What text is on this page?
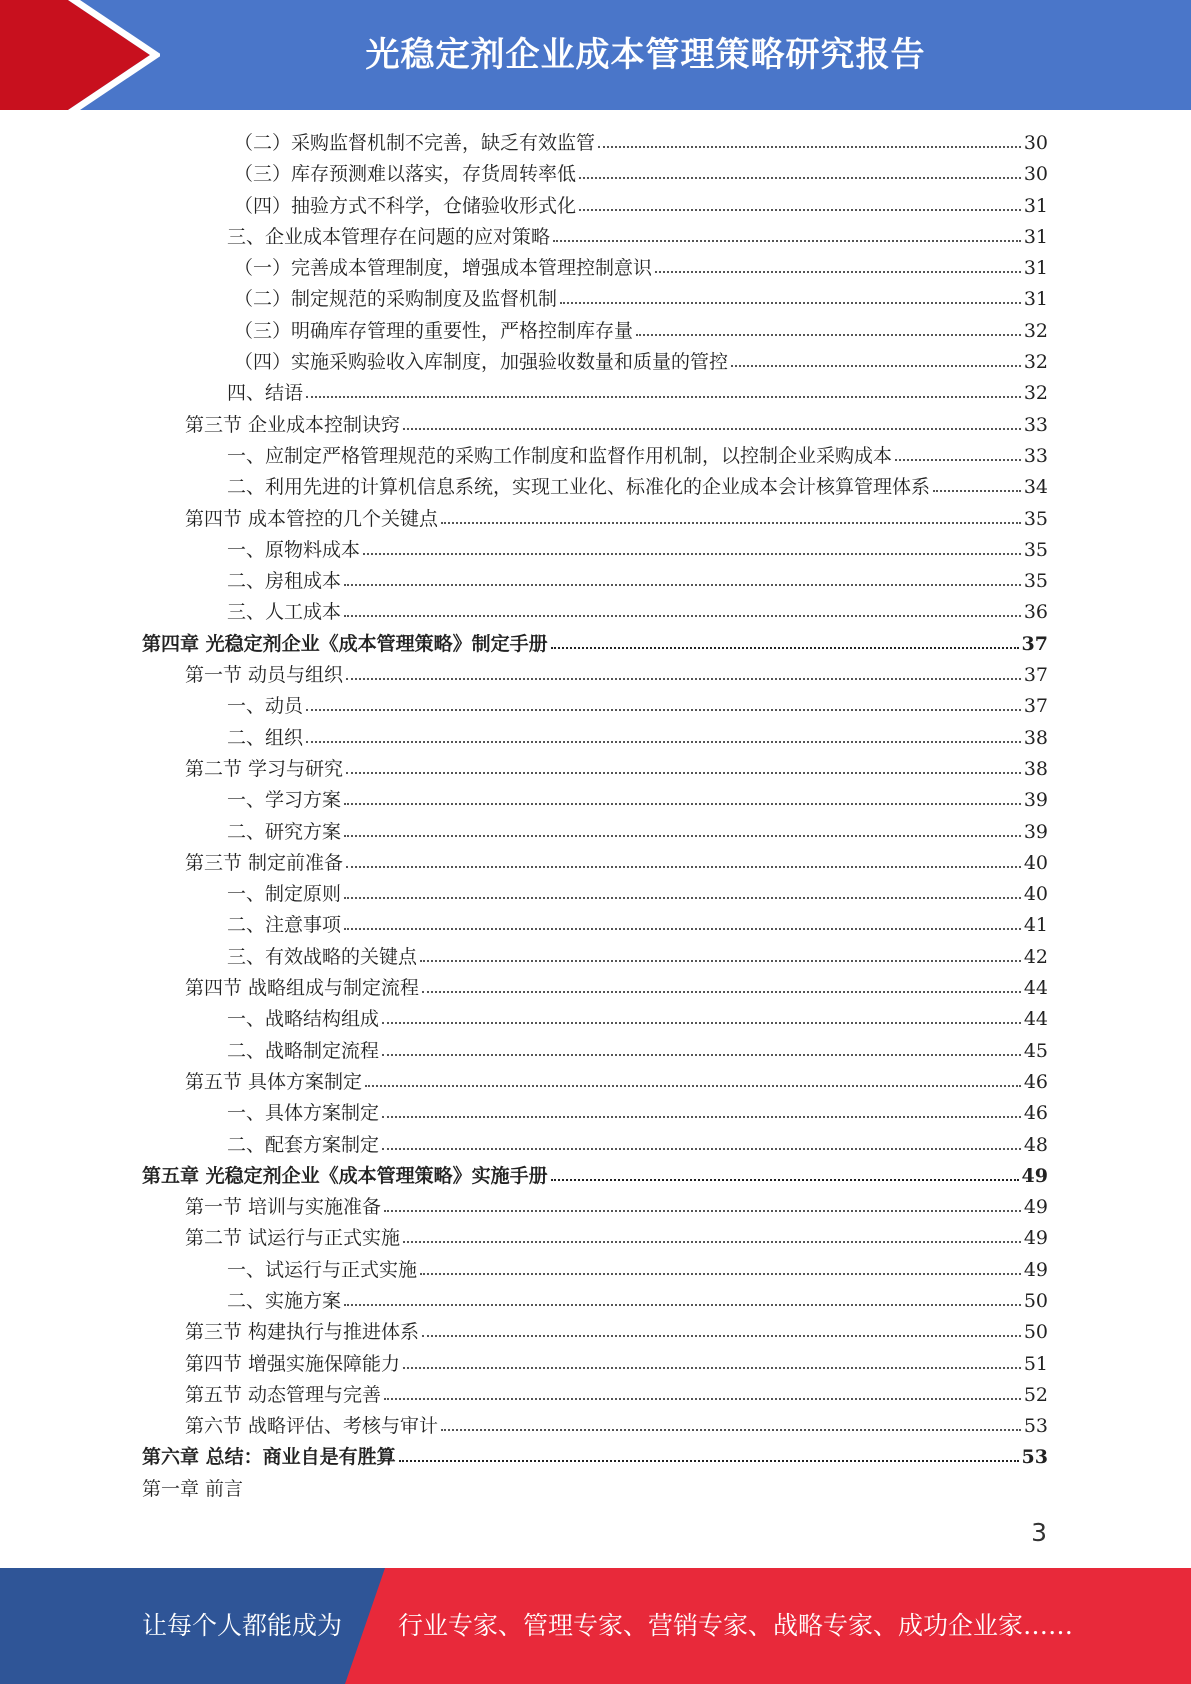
光稳定剂企业成本管理策略研究报告
（二）采购监督机制不完善，缺乏有效监管	30
（三）库存预测难以落实，存货周转率低	30
（四）抽验方式不科学，仓储验收形式化	31
三、企业成本管理存在问题的应对策略	31
（一）完善成本管理制度，增强成本管理控制意识	31
（二）制定规范的采购制度及监督机制	31
（三）明确库存管理的重要性，严格控制库存量	32
（四）实施采购验收入库制度，加强验收数量和质量的管控	32
四、结语	32
第三节 企业成本控制诀窍	33
一、应制定严格管理规范的采购工作制度和监督作用机制，以控制企业采购成本	33
二、利用先进的计算机信息系统，实现工业化、标准化的企业成本会计核算管理体系	34
第四节 成本管控的几个关键点	35
一、原物料成本	35
二、房租成本	35
三、人工成本	36
第四章 光稳定剂企业《成本管理策略》制定手册	37
第一节 动员与组织	37
一、动员	37
二、组织	38
第二节 学习与研究	38
一、学习方案	39
二、研究方案	39
第三节 制定前准备	40
一、制定原则	40
二、注意事项	41
三、有效战略的关键点	42
第四节 战略组成与制定流程	44
一、战略结构组成	44
二、战略制定流程	45
第五节 具体方案制定	46
一、具体方案制定	46
二、配套方案制定	48
第五章 光稳定剂企业《成本管理策略》实施手册	49
第一节 培训与实施准备	49
第二节 试运行与正式实施	49
一、试运行与正式实施	49
二、实施方案	50
第三节 构建执行与推进体系	50
第四节 增强实施保障能力	51
第五节 动态管理与完善	52
第六节 战略评估、考核与审计	53
第六章 总结：商业自是有胜算	53
第一章 前言
3
让每个人都能成为 行业专家、管理专家、营销专家、战略专家、成功企业家……
